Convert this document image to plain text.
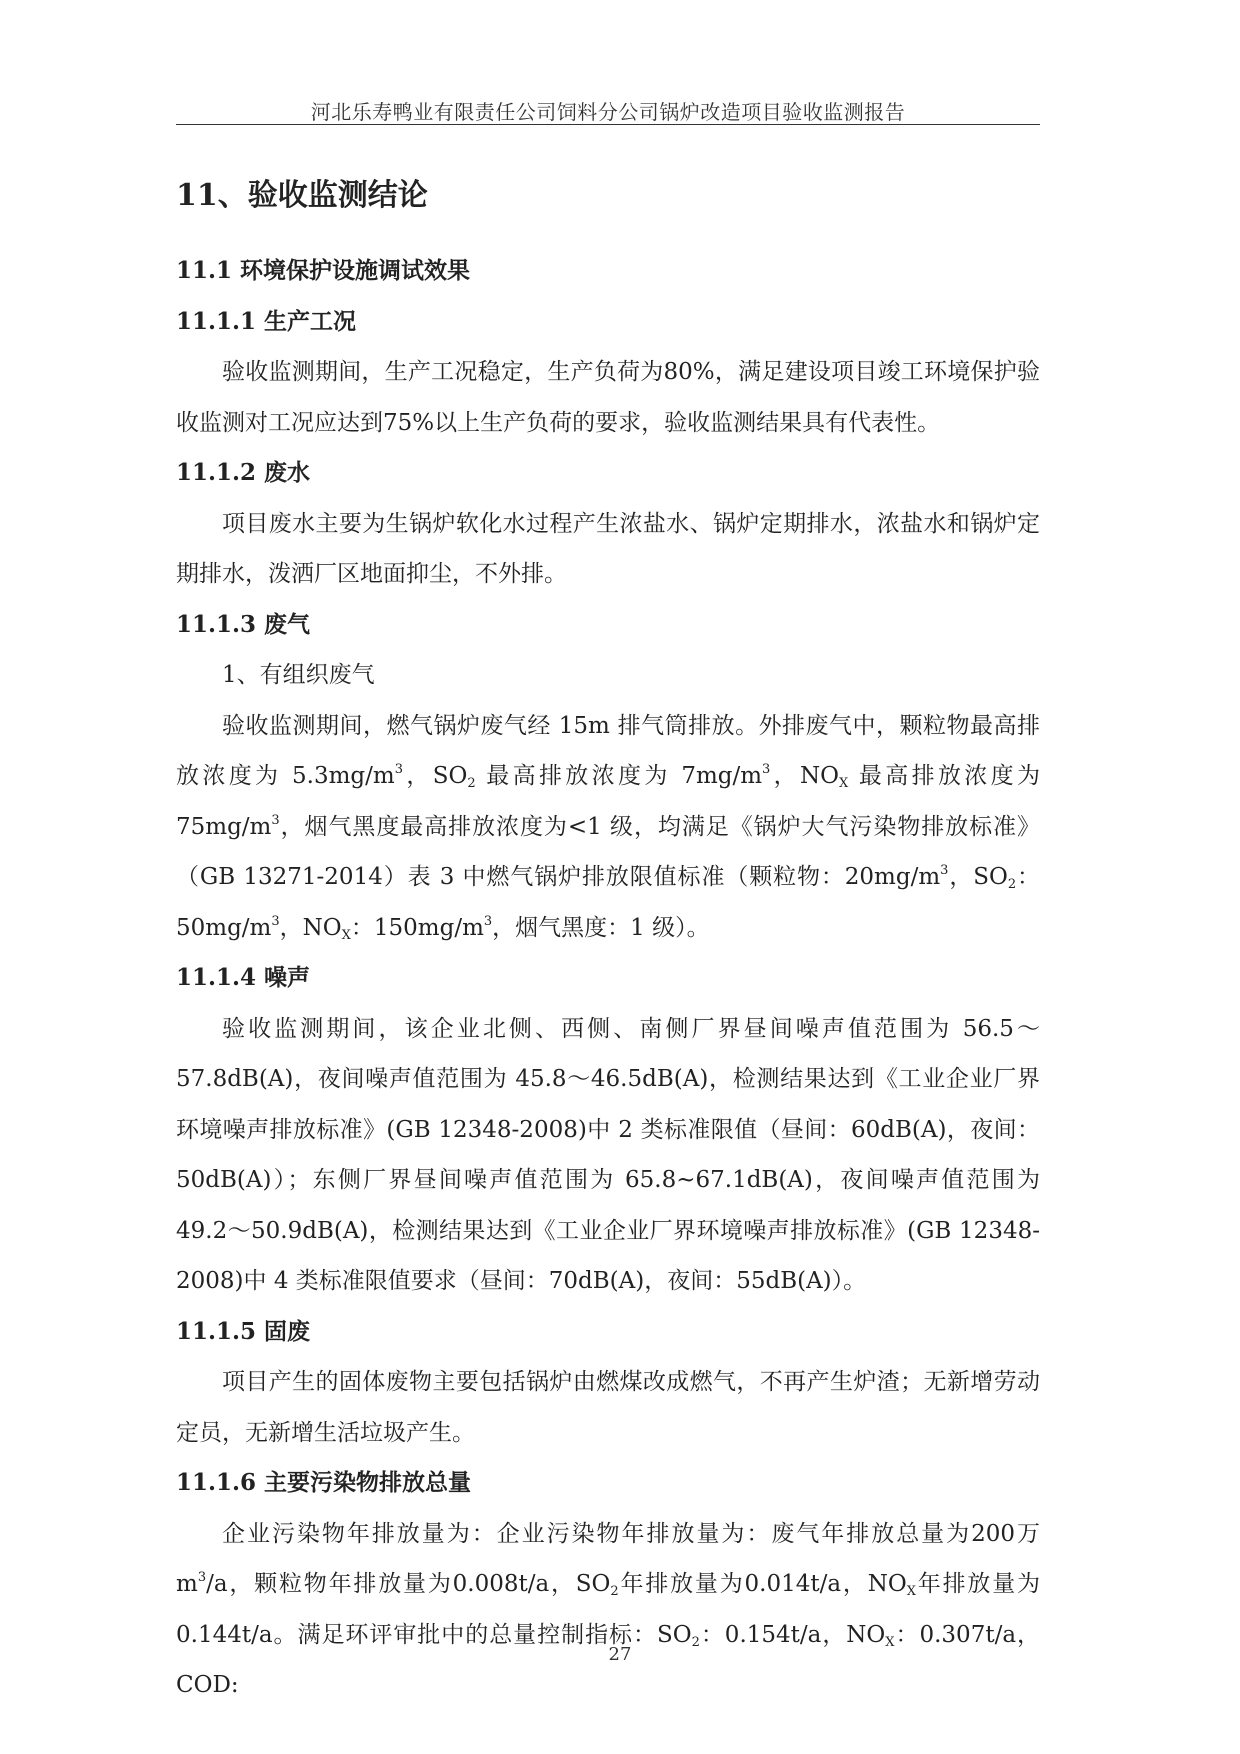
河北乐寿鸭业有限责任公司饲料分公司锅炉改造项目验收监测报告
11、验收监测结论
11.1 环境保护设施调试效果
11.1.1 生产工况
验收监测期间，生产工况稳定，生产负荷为80%，满足建设项目竣工环境保护验收监测对工况应达到75%以上生产负荷的要求，验收监测结果具有代表性。
11.1.2 废水
项目废水主要为生锅炉软化水过程产生浓盐水、锅炉定期排水，浓盐水和锅炉定期排水，泼洒厂区地面抑尘，不外排。
11.1.3 废气
1、有组织废气
验收监测期间，燃气锅炉废气经 15m 排气筒排放。外排废气中，颗粒物最高排放浓度为 $5.3mg/m^3$，$SO_2$ 最高排放浓度为 $7mg/m^3$，$NO_X$ 最高排放浓度为 $75mg/m^3$，烟气黑度最高排放浓度为<1 级，均满足《锅炉大气污染物排放标准》（GB 13271-2014）表 3 中燃气锅炉排放限值标准（颗粒物：$20mg/m^3$，$SO_2$：$50mg/m^3$，$NO_X$：$150mg/m^3$，烟气黑度：1 级）。
11.1.4 噪声
验收监测期间，该企业北侧、西侧、南侧厂界昼间噪声值范围为 56.5～57.8dB(A)，夜间噪声值范围为 45.8～46.5dB(A)，检测结果达到《工业企业厂界环境噪声排放标准》(GB 12348-2008)中 2 类标准限值（昼间：60dB(A)，夜间：50dB(A)）；东侧厂界昼间噪声值范围为 65.8~67.1dB(A)，夜间噪声值范围为 49.2～50.9dB(A)，检测结果达到《工业企业厂界环境噪声排放标准》(GB 12348-2008)中 4 类标准限值要求（昼间：70dB(A)，夜间：55dB(A)）。
11.1.5 固废
项目产生的固体废物主要包括锅炉由燃煤改成燃气，不再产生炉渣；无新增劳动定员，无新增生活垃圾产生。
11.1.6 主要污染物排放总量
企业污染物年排放量为：企业污染物年排放量为：废气年排放总量为200万 $m^3/a$，颗粒物年排放量为0.008t/a，$SO_2$年排放量为0.014t/a，$NO_X$年排放量为0.144t/a。满足环评审批中的总量控制指标：$SO_2$：0.154t/a，$NO_X$：0.307t/a，COD:
27
